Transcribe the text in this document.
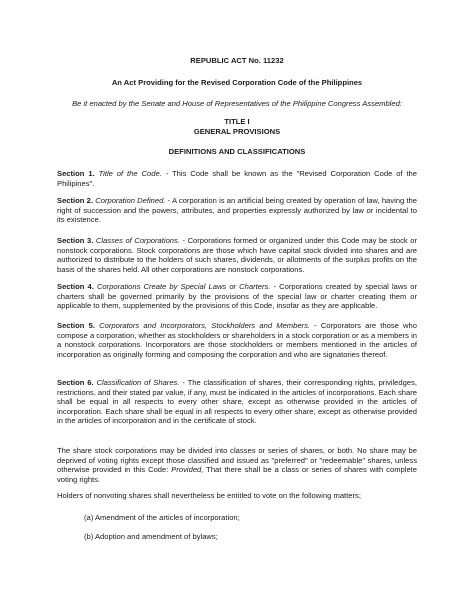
REPUBLIC ACT No. 11232

An Act Providing for the Revised Corporation Code of the Philippines

Be it enacted by the Senate and House of Representatives of the Philippine Congress Assembled:

TITLE I

GENERAL PROVISIONS

DEFINITIONS AND CLASSIFICATIONS

Section 1. Title of the Code. - This Code shall be known as the "Revised Corporation Code of the Philipines".

Section 2. Corporation Defined. - A corporation is an artificial being created by operation of law, having the right of succession and the powers, attributes, and properties expressly authorized by law or incidental to its existence.

Section 3. Classes of Corporations. - Corporations formed or organized under this Code may be stock or nonstock corporations. Stock corporations are those which have capital stock divided into shares and are authorized to distribute to the holders of such shares, dividends, or allotments of the surplus profits on the basis of the shares held. All other corporations are nonstock corporations.

Section 4. Corporations Create by Special Laws or Charters. - Corporations created by special laws or charters shall be governed primarily by the provisions of the special law or charter creating them or applicable to them, supplemented by the provisions of this Code, insofar as they are applicable.

Section 5. Corporators and Incorporators, Stockholders and Members. - Corporators are those who compose a corporation, whether as stockholders or shareholders in a stock corporation or as a members in a nonstock corporations. Incorporators are those stockholders or members mentioned in the articles of incorporation as originally forming and composing the corporation and who are signatories thereof.

Section 6. Classification of Shares. - The classification of shares, their corresponding rights, priviledges, restrictions, and their stated par value, if any, must be indicated in the articles of incorporations. Each share shall be equal in all respects to every other share, except as otherwise provided in the articles of incorporation. Each share shall be equal in all respects to every other share, except as otherwise provided in the articles of incorporation and in the certificate of stock.

The share stock corporations may be divided into classes or series of shares, or both. No share may be deprived of voting rights except those classified and issued as "preferred" or "redeemable" shares, unless otherwise provided in this Code: Provided, That there shall be a class or series of shares with complete voting rights.

Holders of nonvoting shares shall nevertheless be entitled to vote on the following matters;

(a) Amendment of the articles of incorporation;

(b) Adoption and amendment of bylaws;
